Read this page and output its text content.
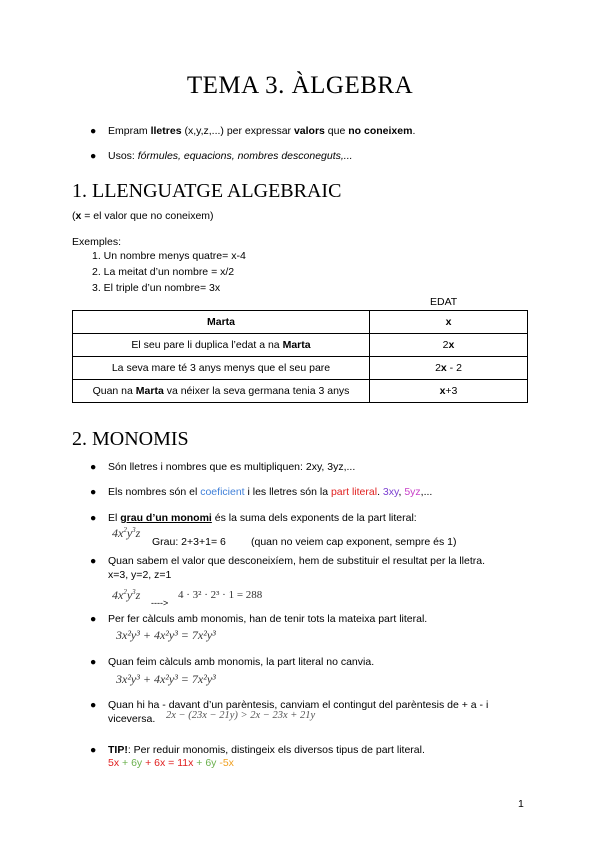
TEMA 3. ÀLGEBRA
● Empram lletres (x,y,z,...) per expressar valors que no coneixem.
● Usos: fórmules, equacions, nombres desconeguts,...
1. LLENGUATGE ALGEBRAIC
(x = el valor que no coneixem)
Exemples:
1. Un nombre menys quatre= x-4
2. La meitat d’un nombre = x/2
3. El triple d’un nombre= 3x
EDAT
Marta	x
El seu pare li duplica l’edat a na Marta	2x
La seva mare té 3 anys menys que el seu pare	2x - 2
Quan na Marta va néixer la seva germana tenia 3 anys	x+3
2. MONOMIS
● Són lletres i nombres que es multipliquen: 2xy, 3yz,...
● Els nombres són el coeficient i les lletres són la part literal. 3xy, 5yz,...
● El grau d’un monomi és la suma dels exponents de la part literal:
$4x^2y^3z$
Grau: 2+3+1= 6 (quan no veiem cap exponent, sempre és 1)
● Quan sabem el valor que desconeixíem, hem de substituir el resultat per la lletra.
x=3, y=2, z=1
$4x^2y^3z$
---->
4 · 3² · 2³ · 1 = 288
● Per fer càlculs amb monomis, han de tenir tots la mateixa part literal.
3x²y³ + 4x²y³ = 7x²y³
● Quan feim càlculs amb monomis, la part literal no canvia.
3x²y³ + 4x²y³ = 7x²y³
● Quan hi ha - davant d’un parèntesis, canviam el contingut del parèntesis de + a - i
viceversa.	2x − (23x − 21y) > 2x − 23x + 21y
● TIP!: Per reduir monomis, distingeix els diversos tipus de part literal.
5x + 6y + 6x = 11x + 6y -5x
1
